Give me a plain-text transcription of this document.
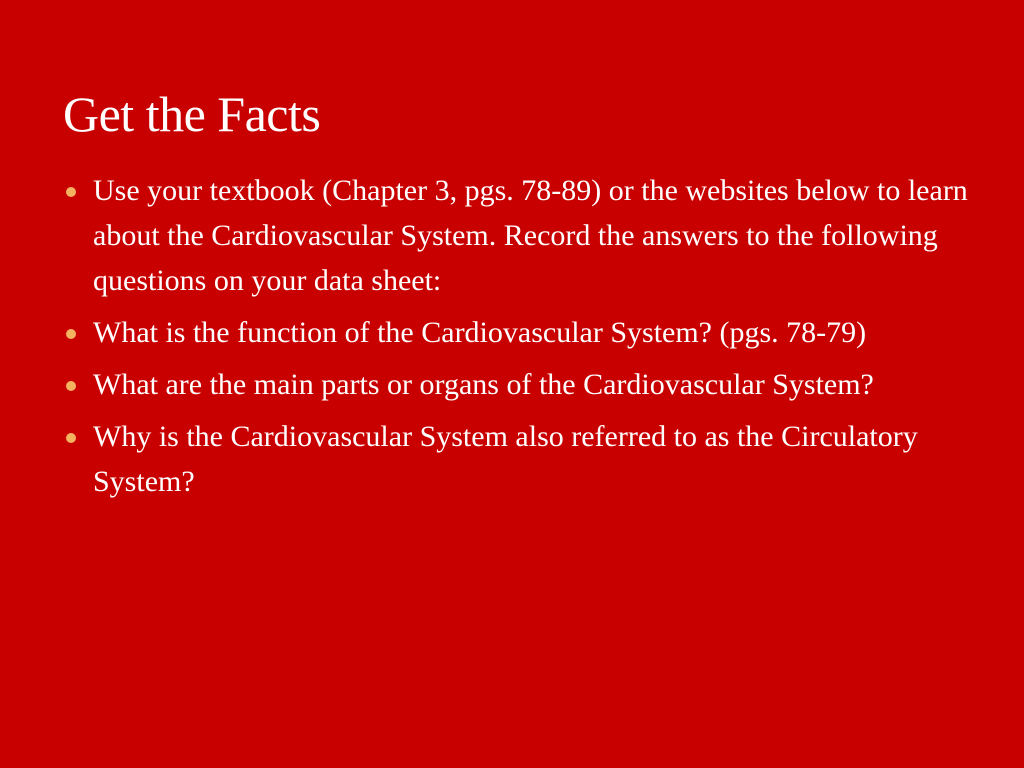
Get the Facts
Use your textbook (Chapter 3, pgs. 78-89) or the websites below to learn about the Cardiovascular System. Record the answers to the following questions on your data sheet:
What is the function of the Cardiovascular System? (pgs. 78-79)
What are the main parts or organs of the Cardiovascular System?
Why is the Cardiovascular System also referred to as the Circulatory System?
